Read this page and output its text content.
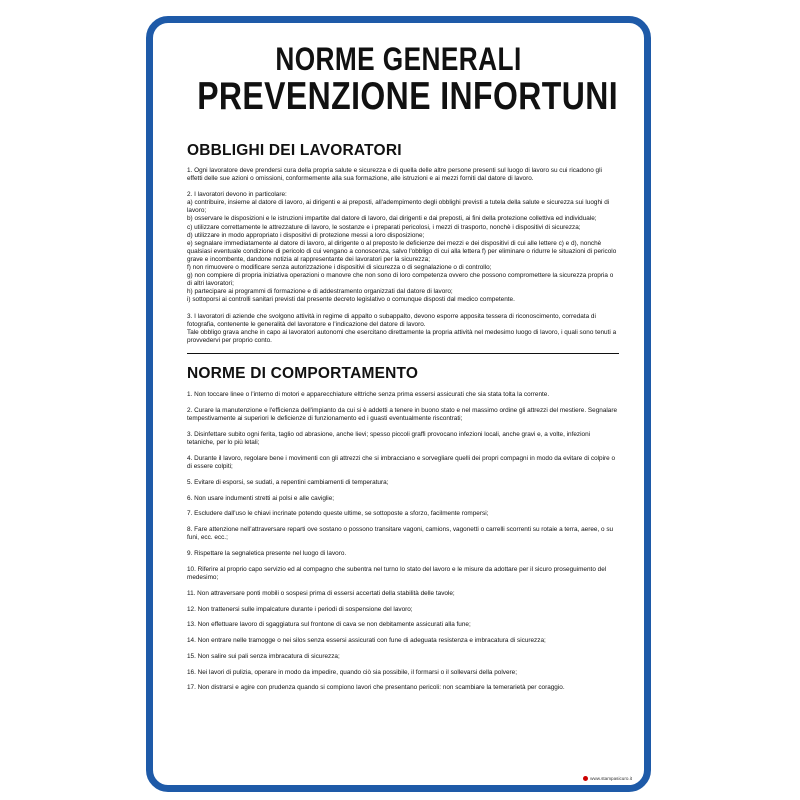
NORME GENERALI
PREVENZIONE INFORTUNI
OBBLIGHI DEI LAVORATORI

1. Ogni lavoratore deve prendersi cura della propria salute e sicurezza e di quella delle altre persone presenti sul luogo di lavoro su cui ricadono gli effetti delle sue azioni o omissioni, conformemente alla sua formazione, alle istruzioni e ai mezzi forniti dal datore di lavoro.

2. I lavoratori devono in particolare:

a) contribuire, insieme al datore di lavoro, ai dirigenti e ai preposti, all'adempimento degli obblighi previsti a tutela della salute e sicurezza sui luoghi di lavoro;

b) osservare le disposizioni e le istruzioni impartite dal datore di lavoro, dai dirigenti e dai preposti, ai fini della protezione collettiva ed individuale;

c) utilizzare correttamente le attrezzature di lavoro, le sostanze e i preparati pericolosi, i mezzi di trasporto, nonchè i dispositivi di sicurezza;

d) utilizzare in modo appropriato i dispositivi di protezione messi a loro disposizione;

e) segnalare immediatamente al datore di lavoro, al dirigente o al preposto le deficienze dei mezzi e dei dispositivi di cui alle lettere c) e d), nonchè qualsiasi eventuale condizione di pericolo di cui vengano a conoscenza, salvo l'obbligo di cui alla lettera f) per eliminare o ridurre le situazioni di pericolo grave e incombente, dandone notizia al rappresentante dei lavoratori per la sicurezza;

f) non rimuovere o modificare senza autorizzazione i dispositivi di sicurezza o di segnalazione o di controllo;

g) non compiere di propria iniziativa operazioni o manovre che non sono di loro competenza ovvero che possono compromettere la sicurezza propria o di altri lavoratori;

h) partecipare ai programmi di formazione e di addestramento organizzati dal datore di lavoro;

i) sottoporsi ai controlli sanitari previsti dal presente decreto legislativo o comunque disposti dal medico competente.

3. I lavoratori di aziende che svolgono attività in regime di appalto o subappalto, devono esporre apposita tessera di riconoscimento, corredata di fotografia, contenente le generalità del lavoratore e l'indicazione del datore di lavoro.

Tale obbligo grava anche in capo ai lavoratori autonomi che esercitano direttamente la propria attività nel medesimo luogo di lavoro, i quali sono tenuti a provvedervi per proprio conto.

NORME DI COMPORTAMENTO
1. Non toccare linee o l'interno di motori e apparecchiature elttriche senza prima essersi assicurati che sia stata tolta la corrente.
2. Curare la manutenzione e l'efficienza dell'impianto da cui si è addetti a tenere in buono stato e nel massimo ordine gli attrezzi del mestiere. Segnalare tempestivamente ai superiori le deficienze di funzionamento ed i guasti eventualmente riscontrati;
3. Disinfettare subito ogni ferita, taglio od abrasione, anche lievi; spesso piccoli graffi provocano infezioni locali, anche gravi e, a volte, infezioni tetaniche, per lo più letali;
4. Durante il lavoro, regolare bene i movimenti con gli attrezzi che si imbracciano e sorvegliare quelli dei propri compagni in modo da evitare di colpire o di essere colpiti;
5. Evitare di esporsi, se sudati, a repentini cambiamenti di temperatura;
6. Non usare indumenti stretti ai polsi e alle caviglie;
7. Escludere dall'uso le chiavi incrinate potendo queste ultime, se sottoposte a sforzo, facilmente rompersi;
8. Fare attenzione nell'attraversare reparti ove sostano o possono transitare vagoni, camions, vagonetti o carrelli scorrenti su rotaie a terra, aeree, o su funi, ecc. ecc.;
9. Rispettare la segnaletica presente nel luogo di lavoro.
10. Riferire al proprio capo servizio ed al compagno che subentra nel turno lo stato del lavoro e le misure da adottare per il sicuro proseguimento del medesimo;
11. Non attraversare ponti mobili o sospesi prima di essersi accertati della stabilità delle tavole;
12. Non trattenersi sulle impalcature durante i periodi di sospensione del lavoro;
13. Non effettuare lavoro di sgaggiatura sul frontone di cava se non debitamente assicurati alla fune;
14. Non entrare nelle tramogge o nei silos senza essersi assicurati con fune di adeguata resistenza e imbracatura di sicurezza;
15. Non salire sui pali senza imbracatura di sicurezza;
16. Nei lavori di pulizia, operare in modo da impedire, quando ciò sia possibile, il formarsi o il sollevarsi della polvere;
17. Non distrarsi e agire con prudenza quando si compiono lavori che presentano pericoli: non scambiare la temerarietà per coraggio.
www.stampasicuro.it
